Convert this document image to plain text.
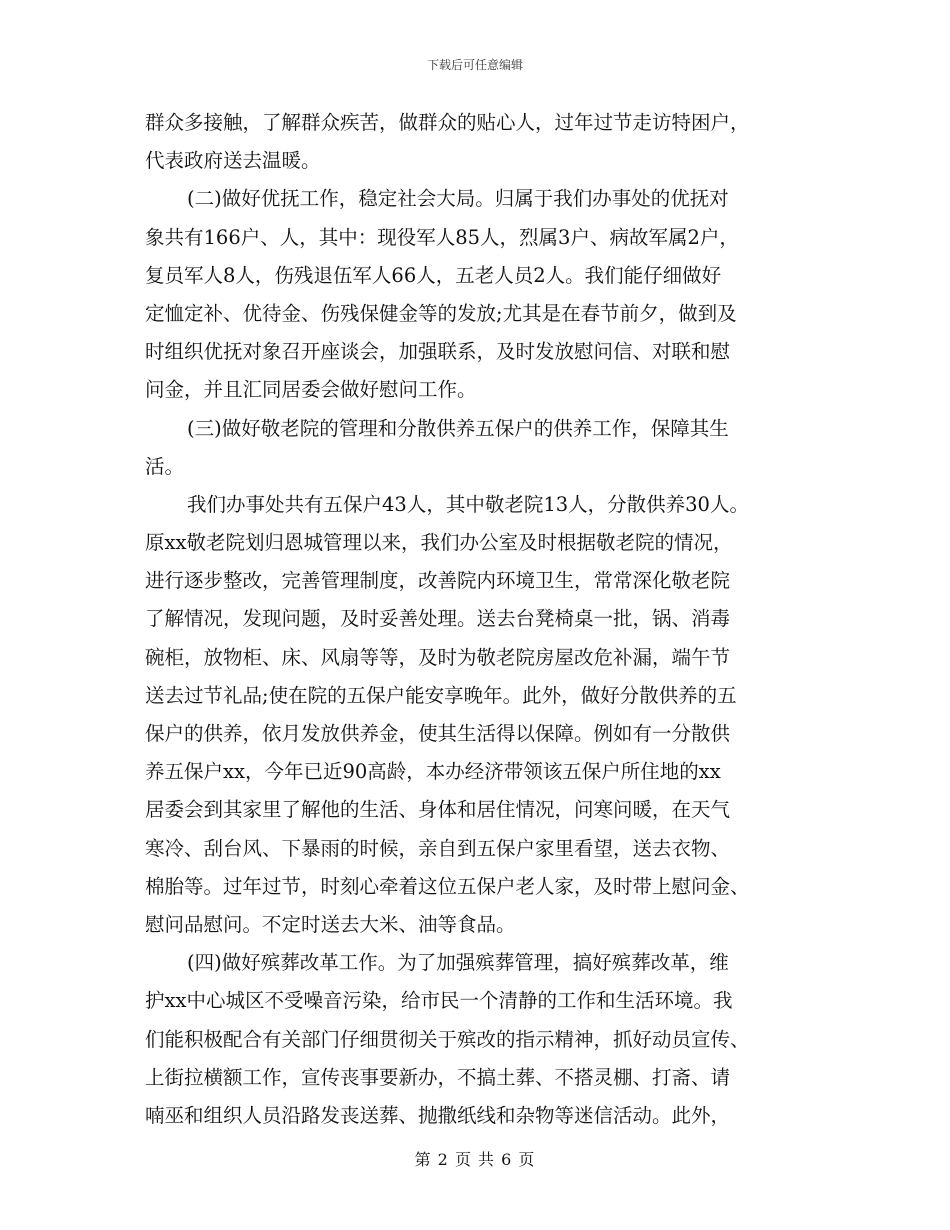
下载后可任意编辑
群众多接触，了解群众疾苦，做群众的贴心人，过年过节走访特困户，
代表政府送去温暖。
(二)做好优抚工作，稳定社会大局。归属于我们办事处的优抚对
象共有166户、人，其中：现役军人85人，烈属3户、病故军属2户，
复员军人8人，伤残退伍军人66人，五老人员2人。我们能仔细做好
定恤定补、优待金、伤残保健金等的发放;尤其是在春节前夕，做到及
时组织优抚对象召开座谈会，加强联系，及时发放慰问信、对联和慰
问金，并且汇同居委会做好慰问工作。
(三)做好敬老院的管理和分散供养五保户的供养工作，保障其生
活。
我们办事处共有五保户43人，其中敬老院13人，分散供养30人。
原xx敬老院划归恩城管理以来，我们办公室及时根据敬老院的情况，
进行逐步整改，完善管理制度，改善院内环境卫生，常常深化敬老院
了解情况，发现问题，及时妥善处理。送去台凳椅桌一批，锅、消毒
碗柜，放物柜、床、风扇等等，及时为敬老院房屋改危补漏，端午节
送去过节礼品;使在院的五保户能安享晚年。此外，做好分散供养的五
保户的供养，依月发放供养金，使其生活得以保障。例如有一分散供
养五保户xx，今年已近90高龄，本办经济带领该五保户所住地的xx
居委会到其家里了解他的生活、身体和居住情况，问寒问暖，在天气
寒冷、刮台风、下暴雨的时候，亲自到五保户家里看望，送去衣物、
棉胎等。过年过节，时刻心牵着这位五保户老人家，及时带上慰问金、
慰问品慰问。不定时送去大米、油等食品。
(四)做好殡葬改革工作。为了加强殡葬管理，搞好殡葬改革，维
护xx中心城区不受噪音污染，给市民一个清静的工作和生活环境。我
们能积极配合有关部门仔细贯彻关于殡改的指示精神，抓好动员宣传、
上街拉横额工作，宣传丧事要新办，不搞土葬、不搭灵棚、打斋、请
喃巫和组织人员沿路发丧送葬、抛撒纸线和杂物等迷信活动。此外，
第 2 页 共 6 页
